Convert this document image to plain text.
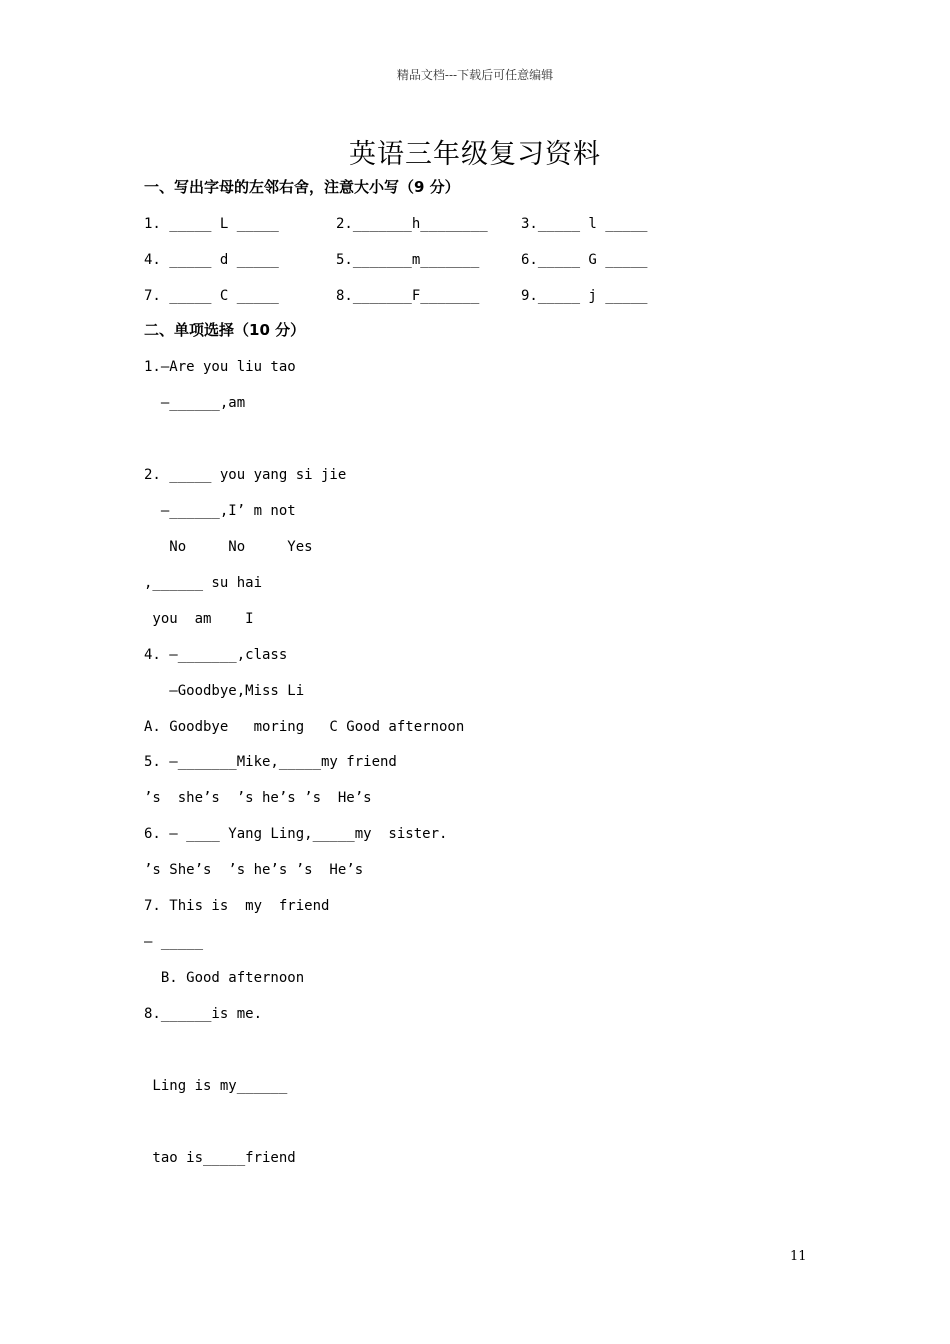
精品文档---下载后可任意编辑
英语三年级复习资料
一、写出字母的左邻右舍，注意大小写（9 分）
1. _____ L _____	2._______h________ 3._____ l _____
4. _____ d _____	5._______m_______	6._____ G _____
7. _____ C _____	8._______F_______	9._____ j _____
二、单项选择（10 分）
1.—Are you liu tao
—______,am
2. _____ you yang si jie
—______,I’ m not
No     No     Yes
,______ su hai
you  am    I
4. —_______,class
—Goodbye,Miss Li
A. Goodbye   moring   C Good afternoon
5. —_______Mike,_____my friend
’s  she’s  ’s he’s ’s  He’s
6. — ____ Yang Ling,_____my  sister.
’s She’s  ’s he’s ’s  He’s
7. This is  my  friend
— _____
B. Good afternoon
8.______is me.
Ling is my______
tao is_____friend
11
